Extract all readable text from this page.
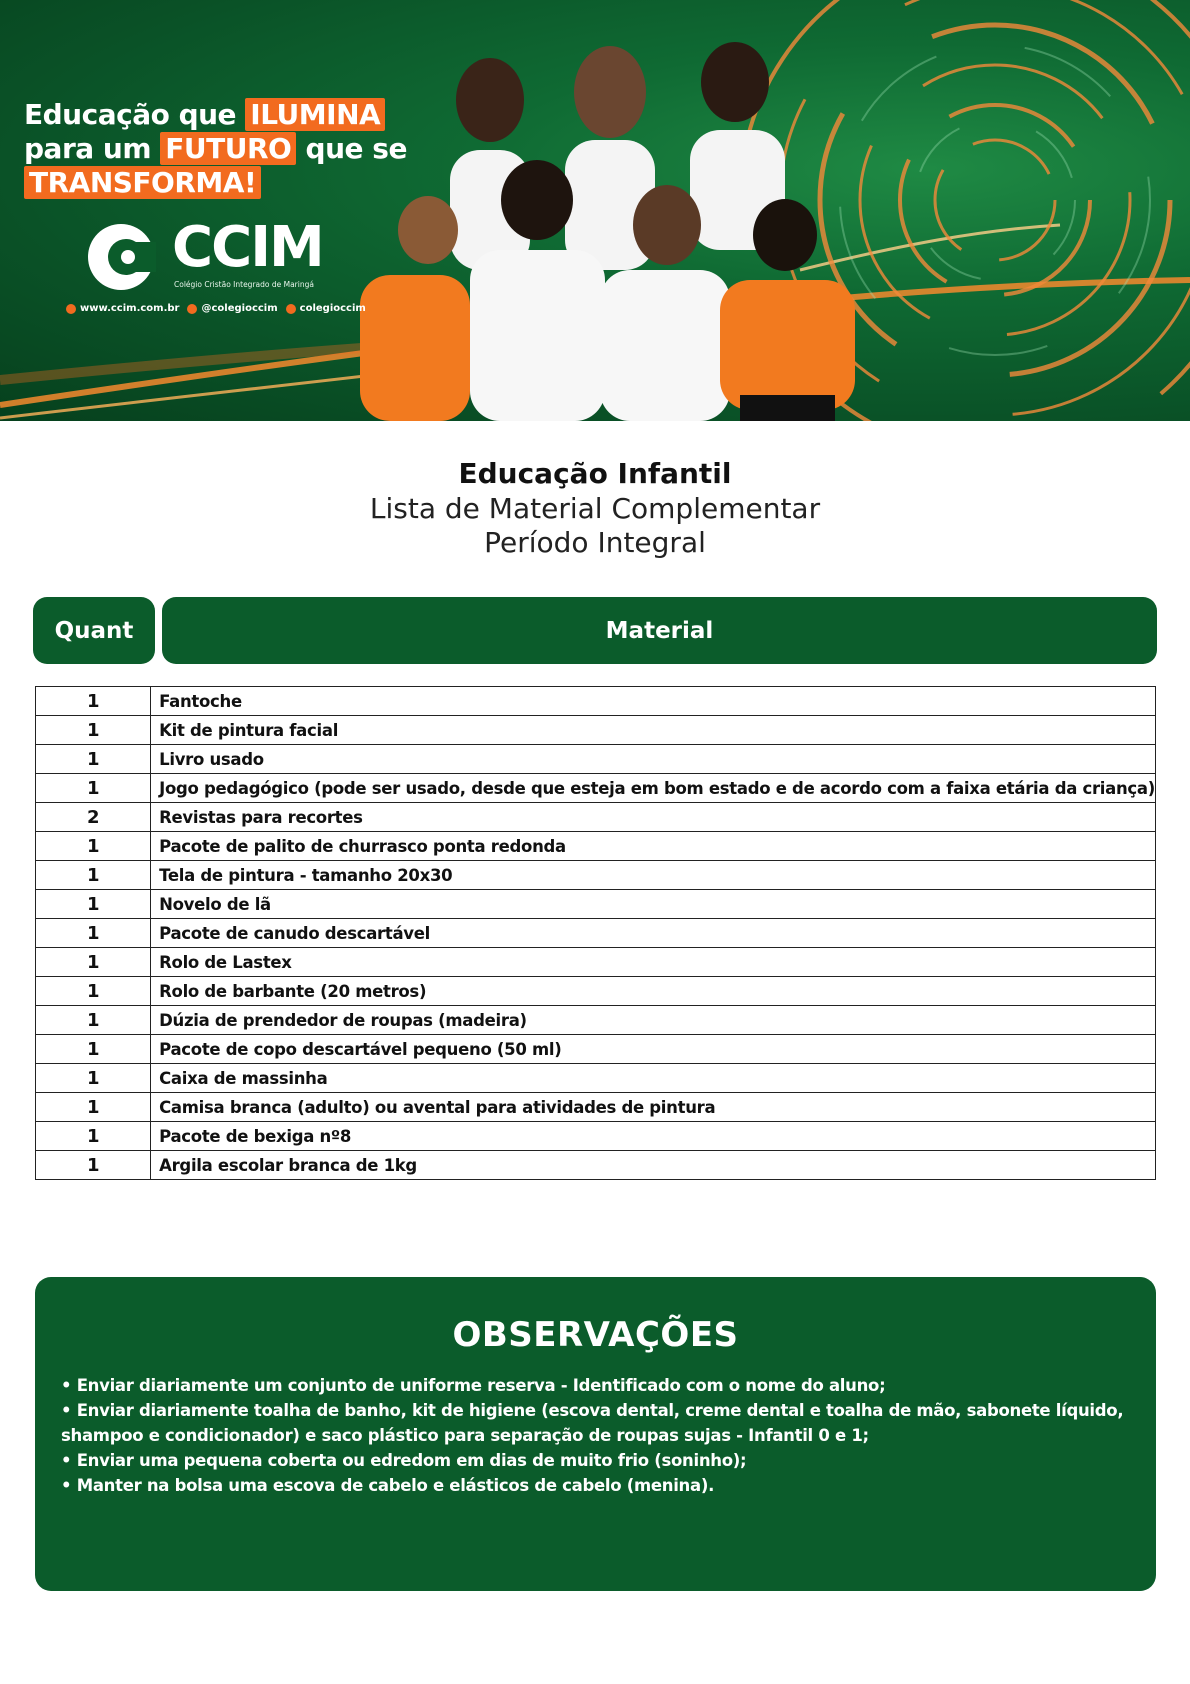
Educação que ILUMINA
para um FUTURO que se
TRANSFORMA!
CCIM
Colégio Cristão Integrado de Maringá
www.ccim.com.br @colegioccim colegioccim
Educação Infantil
Lista de Material Complementar
Período Integral
Quant	Material
1	Fantoche
1	Kit de pintura facial
1	Livro usado
1	Jogo pedagógico (pode ser usado, desde que esteja em bom estado e de acordo com a faixa etária da criança)
2	Revistas para recortes
1	Pacote de palito de churrasco ponta redonda
1	Tela de pintura - tamanho 20x30
1	Novelo de lã
1	Pacote de canudo descartável
1	Rolo de Lastex
1	Rolo de barbante (20 metros)
1	Dúzia de prendedor de roupas (madeira)
1	Pacote de copo descartável pequeno (50 ml)
1	Caixa de massinha
1	Camisa branca (adulto) ou avental para atividades de pintura
1	Pacote de bexiga nº8
1	Argila escolar branca de 1kg
OBSERVAÇÕES
• Enviar diariamente um conjunto de uniforme reserva - Identificado com o nome do aluno;
• Enviar diariamente toalha de banho, kit de higiene (escova dental, creme dental e toalha de mão, sabonete líquido, shampoo e condicionador) e saco plástico para separação de roupas sujas - Infantil 0 e 1;
• Enviar uma pequena coberta ou edredom em dias de muito frio (soninho);
• Manter na bolsa uma escova de cabelo e elásticos de cabelo (menina).
